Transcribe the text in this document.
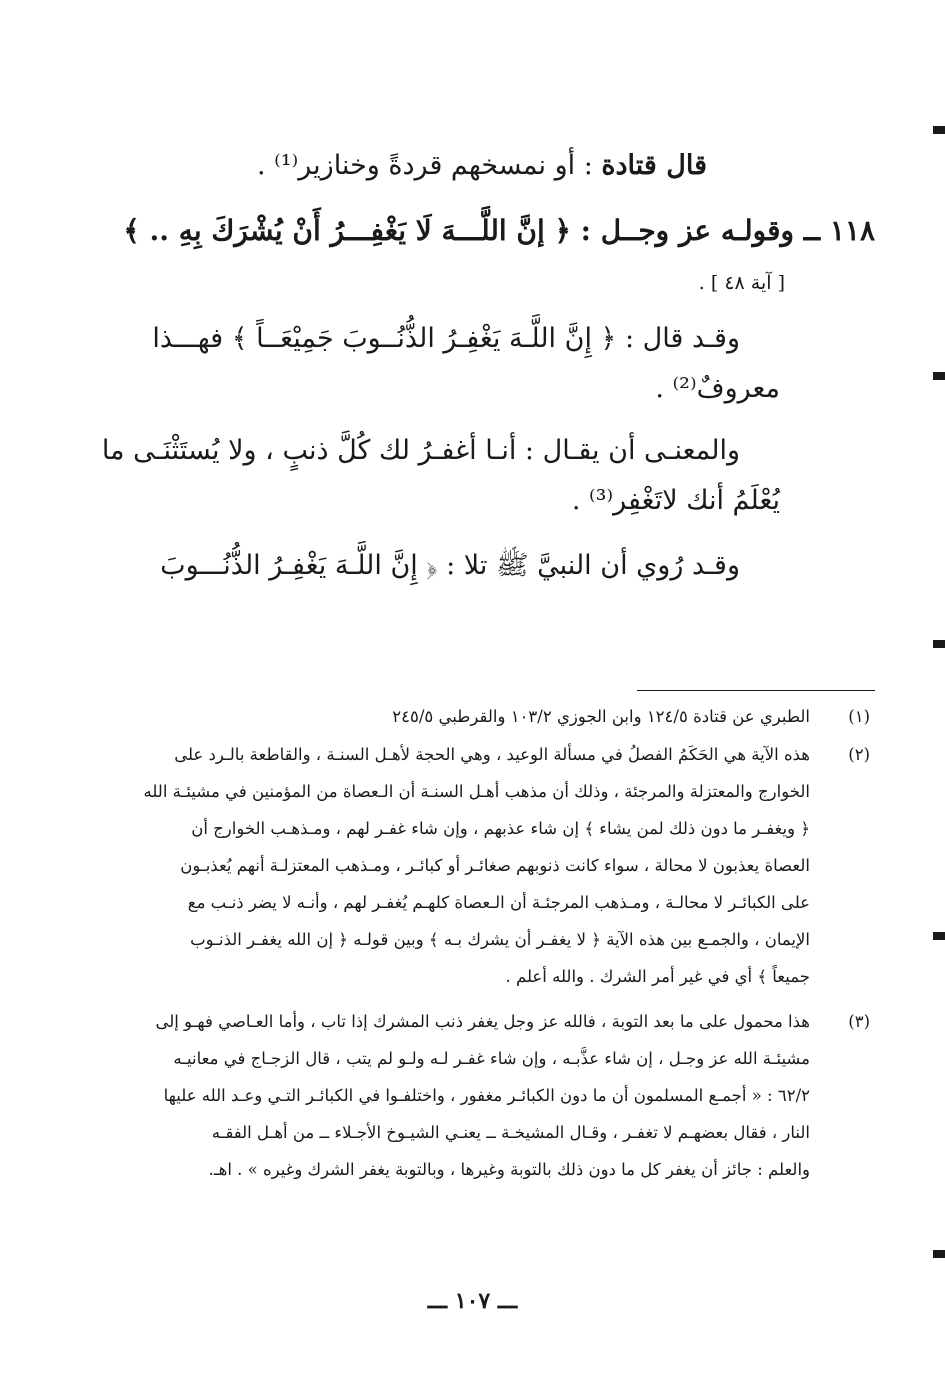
قال قتادة : أو نمسخهم قردةً وخنازير⁽¹⁾ .
١١٨ ــ وقولـه عز وجــل : ﴿ إنَّ اللَّـــهَ لَا يَغْفِـــرُ أَنْ يُشْرَكَ بِهِ .. ﴾
[ آية ٤٨ ] .
وقـد قال : ﴿ إِنَّ اللَّـهَ يَغْفِـرُ الذُّنُــوبَ جَمِيْعَــاً ﴾ فهـــذا
معروفٌ⁽²⁾ .
والمعنـى أن يقـال : أنـا أغفـرُ لك كُلَّ ذنبٍ ، ولا يُستَثْنَـى ما
يُعْلَمُ أنك لاتَغْفِر⁽³⁾ .
وقـد رُوي أن النبيَّ ﷺ تلا : ﴿ إِنَّ اللَّـهَ يَغْفِـرُ الذُّنُـــوبَ
(١)
الطبري عن قتادة ١٢٤/٥ وابن الجوزي ١٠٣/٢ والقرطبي ٢٤٥/٥
(٢)
هذه الآية هي الحَكَمُ الفصلُ في مسألة الوعيد ، وهي الحجة لأهـل السنـة ، والقاطعة بالـرد على
الخوارج والمعتزلة والمرجئة ، وذلك أن مذهب أهـل السنـة أن الـعصاة من المؤمنين في مشيئـة الله
﴿ ويغفـر ما دون ذلك لمن يشاء ﴾ إن شاء عذبهم ، وإن شاء غفـر لهم ، ومـذهـب الخوارج أن
العصاة يعذبون لا محالة ، سواء كانت ذنوبهم صغائـر أو كبائـر ، ومـذهب المعتزلـة أنهم يُعذبـون
على الكبائـر لا محالـة ، ومـذهب المرجئـة أن الـعصاة كلهـم يُغفـر لهم ، وأنـه لا يضر ذنـب مع
الإيمان ، والجمـع بين هذه الآية ﴿ لا يغفـر أن يشرك بـه ﴾ وبين قولـه ﴿ إن الله يغفـر الذنـوب
جميعاً ﴾ أي في غير أمر الشرك . والله أعلم .
(٣)
هذا محمول على ما بعد التوبة ، فالله عز وجل يغفر ذنب المشرك إذا تاب ، وأما العـاصي فهـو إلى
مشيئـة الله عز وجـل ، إن شاء عذَّبـه ، وإن شاء غفـر لـه ولـو لم يتب ، قال الزجـاج في معانيـه
٦٢/٢ : « أجمـع المسلمون أن ما دون الكبائـر مغفور ، واختلفـوا في الكبائـر التـي وعـد الله عليها
النار ، فقال بعضهـم لا تغفـر ، وقـال المشيخـة ــ يعنـي الشيـوخ الأجـلاء ــ من أهـل الفقـه
والعلم : جائز أن يغفر كل ما دون ذلك بالتوبة وغيرها ، وبالتوبة يغفر الشرك وغيره » . اهـ.
ـــ ١٠٧ ـــ
